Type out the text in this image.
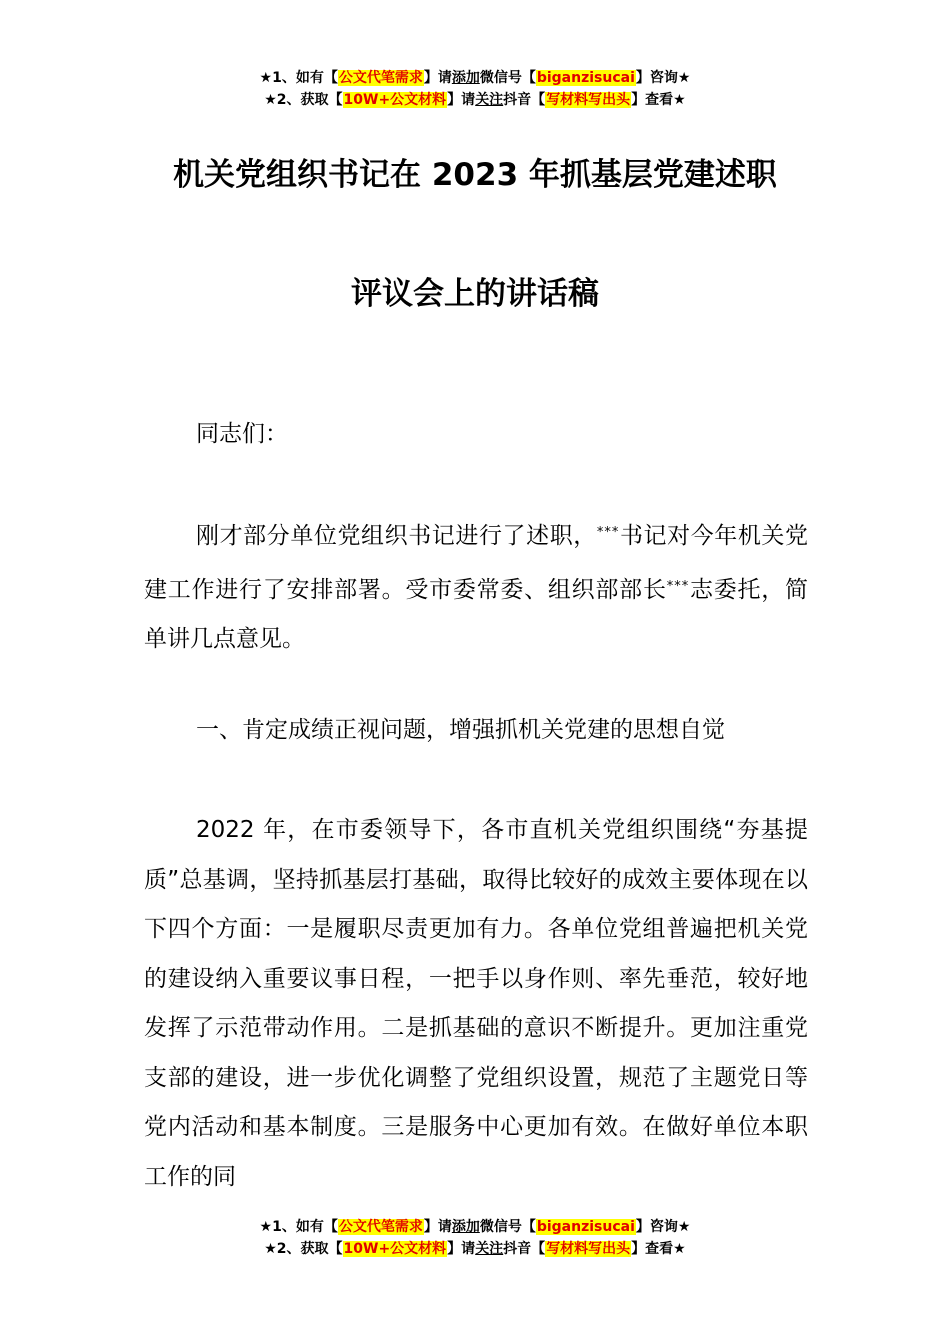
★1、如有【公文代笔需求】请添加微信号【biganzisucai】咨询★
★2、获取【10W+公文材料】请关注抖音【写材料写出头】查看★
机关党组织书记在 2023 年抓基层党建述职
评议会上的讲话稿

同志们：

刚才部分单位党组织书记进行了述职，***书记对今年机关党建工作进行了安排部署。受市委常委、组织部部长***志委托，简单讲几点意见。

一、肯定成绩正视问题，增强抓机关党建的思想自觉

2022 年，在市委领导下，各市直机关党组织围绕“夯基提质”总基调，坚持抓基层打基础，取得比较好的成效主要体现在以下四个方面：一是履职尽责更加有力。各单位党组普遍把机关党的建设纳入重要议事日程，一把手以身作则、率先垂范，较好地发挥了示范带动作用。二是抓基础的意识不断提升。更加注重党支部的建设，进一步优化调整了党组织设置，规范了主题党日等党内活动和基本制度。三是服务中心更加有效。在做好单位本职工作的同

★1、如有【公文代笔需求】请添加微信号【biganzisucai】咨询★
★2、获取【10W+公文材料】请关注抖音【写材料写出头】查看★
